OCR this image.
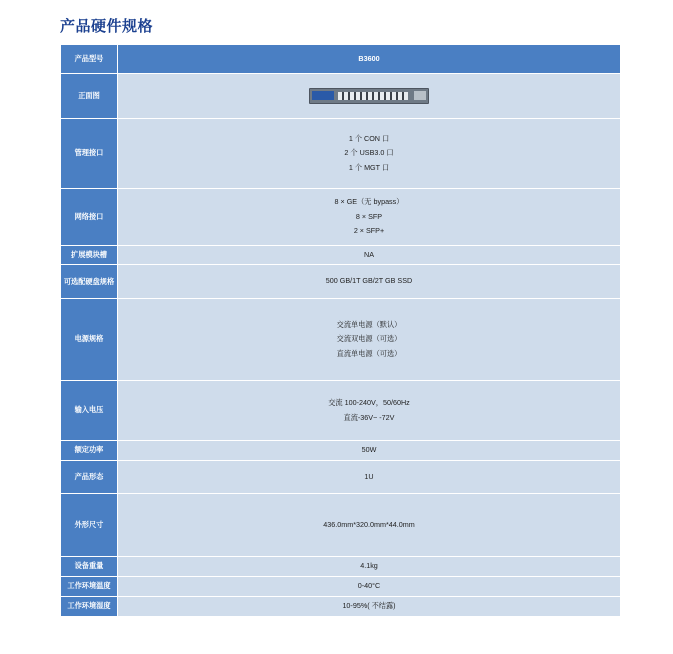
产品硬件规格
产品型号	B3600
正面图	

管理接口	1 个 CON 口
2 个 USB3.0 口
1 个 MGT 口

网络接口	8 × GE（无 bypass）
8 × SFP
2 × SFP+

扩展模块槽	NA
可选配硬盘规格	500 GB/1T GB/2T GB SSD
电源规格	交流单电源（默认）
交流双电源（可选）
直流单电源（可选）

输入电压	交流 100-240V，50/60Hz
直流-36V~ -72V

额定功率	50W
产品形态	1U
外形尺寸	436.0mm*320.0mm*44.0mm
设备重量	4.1kg
工作环境温度	0-40°C
工作环境湿度	10-95%( 不结露)
